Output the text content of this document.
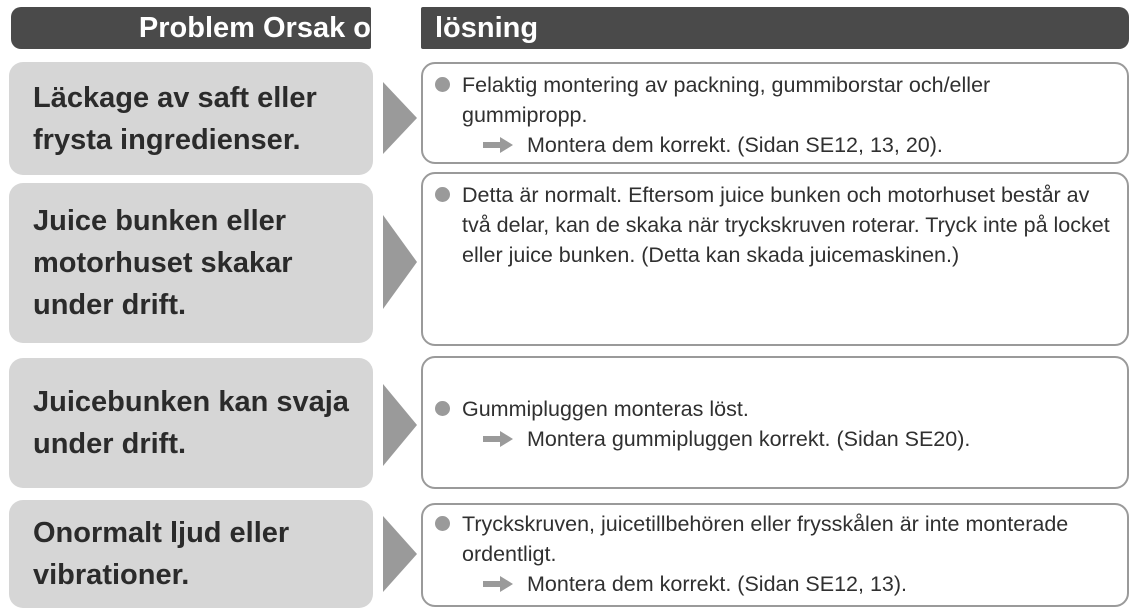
Problem Orsak o lösning
Läckage av saft eller frysta ingredienser.
Felaktig montering av packning, gummiborstar och/eller gummipropp.
Montera dem korrekt. (Sidan SE12, 13, 20).
Juice bunken eller motorhuset skakar under drift.
Detta är normalt. Eftersom juice bunken och motorhuset består av två delar, kan de skaka när tryckskruven roterar. Tryck inte på locket eller juice bunken. (Detta kan skada juicemaskinen.)
Juicebunken kan svaja under drift.
Gummipluggen monteras löst.
Montera gummipluggen korrekt. (Sidan SE20).
Onormalt ljud eller vibrationer.
Tryckskruven, juicetillbehören eller frysskålen är inte monterade ordentligt.
Montera dem korrekt. (Sidan SE12, 13).
